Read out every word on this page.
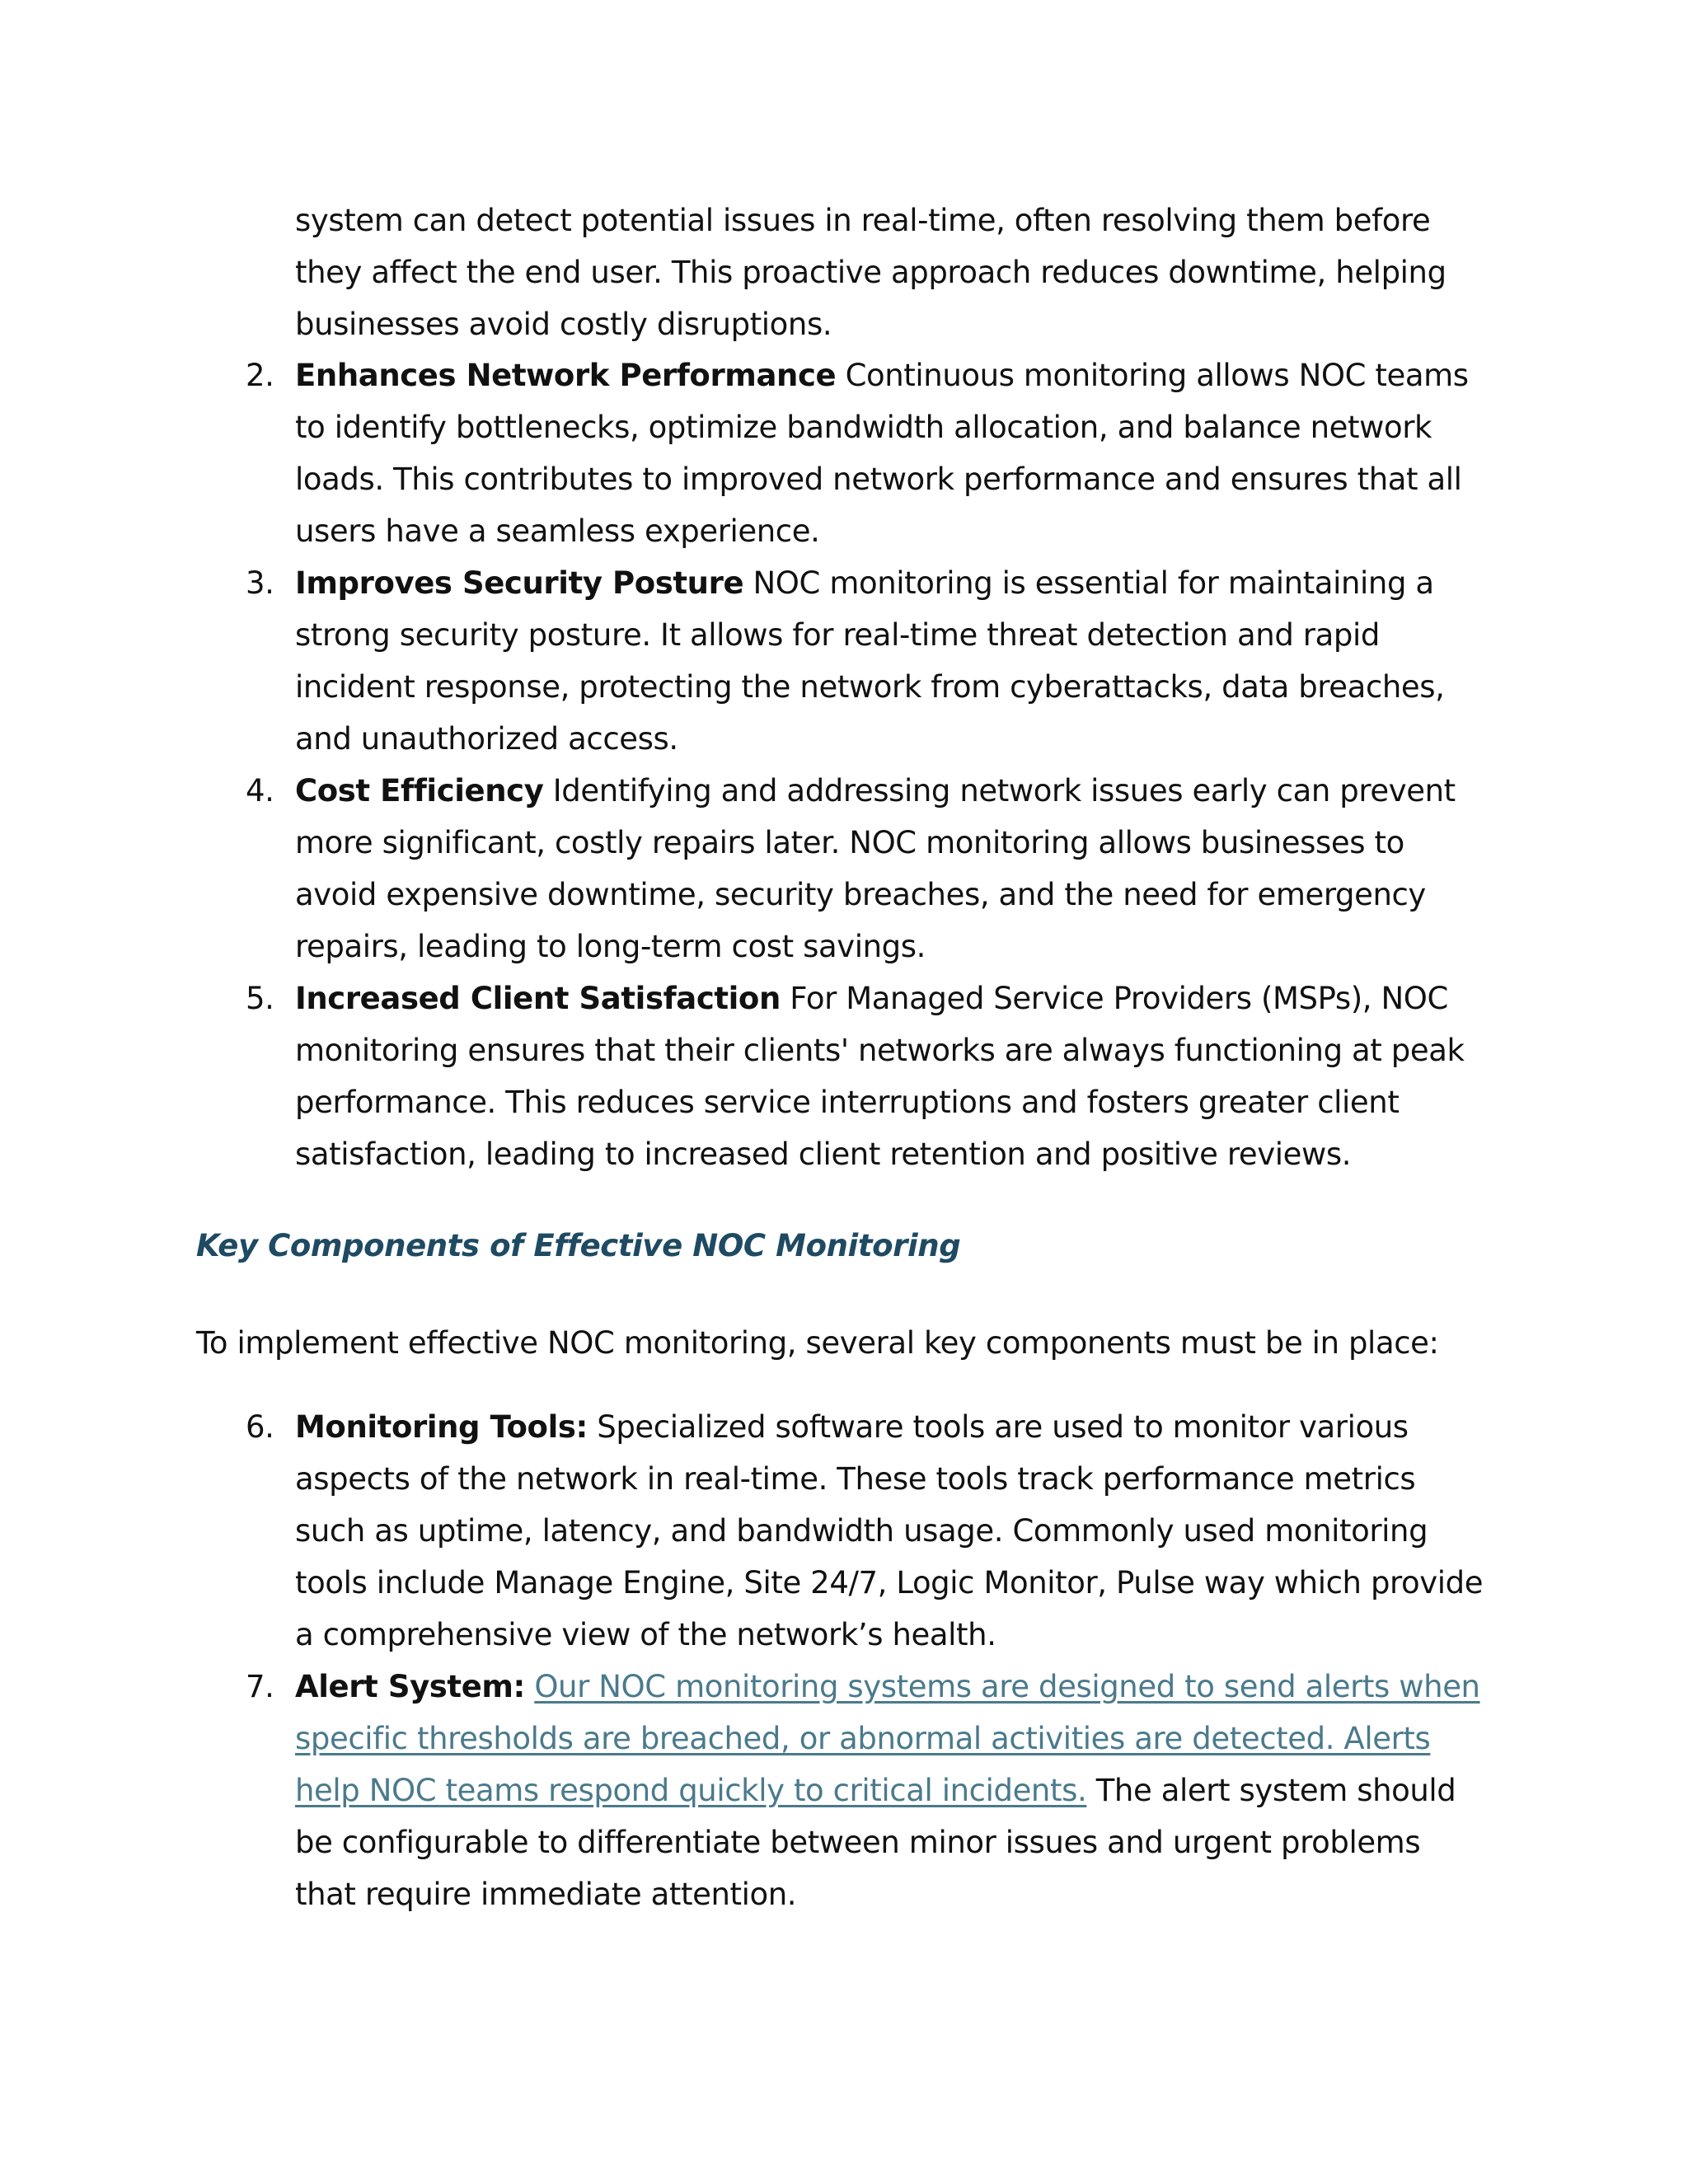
system can detect potential issues in real-time, often resolving them before they affect the end user. This proactive approach reduces downtime, helping businesses avoid costly disruptions.

2. Enhances Network Performance Continuous monitoring allows NOC teams to identify bottlenecks, optimize bandwidth allocation, and balance network loads. This contributes to improved network performance and ensures that all users have a seamless experience.
3. Improves Security Posture NOC monitoring is essential for maintaining a strong security posture. It allows for real-time threat detection and rapid incident response, protecting the network from cyberattacks, data breaches, and unauthorized access.
4. Cost Efficiency Identifying and addressing network issues early can prevent more significant, costly repairs later. NOC monitoring allows businesses to avoid expensive downtime, security breaches, and the need for emergency repairs, leading to long-term cost savings.
5. Increased Client Satisfaction For Managed Service Providers (MSPs), NOC monitoring ensures that their clients' networks are always functioning at peak performance. This reduces service interruptions and fosters greater client satisfaction, leading to increased client retention and positive reviews.
Key Components of Effective NOC Monitoring

To implement effective NOC monitoring, several key components must be in place:

6. Monitoring Tools: Specialized software tools are used to monitor various aspects of the network in real-time. These tools track performance metrics such as uptime, latency, and bandwidth usage. Commonly used monitoring tools include Manage Engine, Site 24/7, Logic Monitor, Pulse way which provide a comprehensive view of the network’s health.
7. Alert System: Our NOC monitoring systems are designed to send alerts when specific thresholds are breached, or abnormal activities are detected. Alerts help NOC teams respond quickly to critical incidents. The alert system should be configurable to differentiate between minor issues and urgent problems that require immediate attention.
